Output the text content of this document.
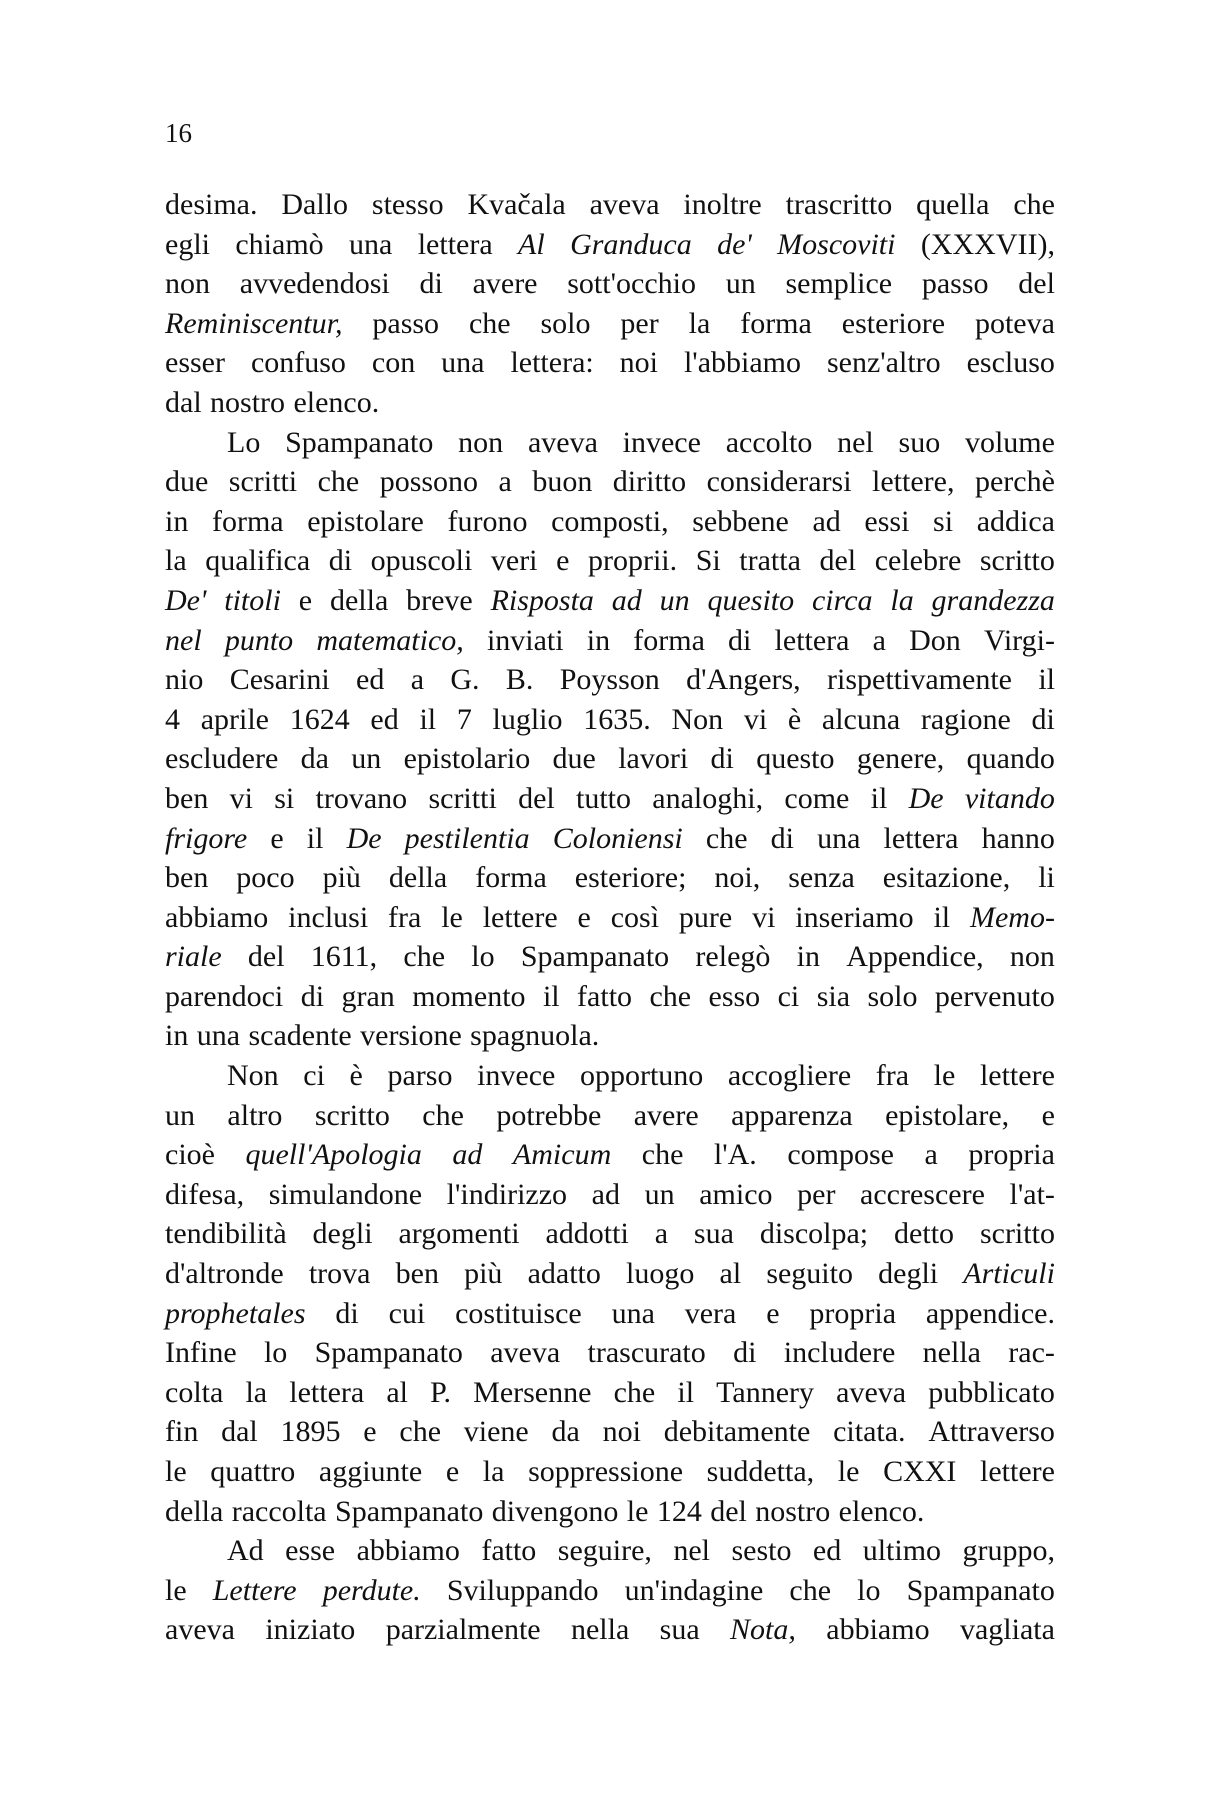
16
desima. Dallo stesso Kvačala aveva inoltre trascritto quella che
egli chiamò una lettera Al Granduca de' Moscoviti (XXXVII),
non avvedendosi di avere sott'occhio un semplice passo del
Reminiscentur, passo che solo per la forma esteriore poteva
esser confuso con una lettera: noi l'abbiamo senz'altro escluso
dal nostro elenco.
Lo Spampanato non aveva invece accolto nel suo volume
due scritti che possono a buon diritto considerarsi lettere, perchè
in forma epistolare furono composti, sebbene ad essi si addica
la qualifica di opuscoli veri e proprii. Si tratta del celebre scritto
De' titoli e della breve Risposta ad un quesito circa la grandezza
nel punto matematico, inviati in forma di lettera a Don Virgi-
nio Cesarini ed a G. B. Poysson d'Angers, rispettivamente il
4 aprile 1624 ed il 7 luglio 1635. Non vi è alcuna ragione di
escludere da un epistolario due lavori di questo genere, quando
ben vi si trovano scritti del tutto analoghi, come il De vitando
frigore e il De pestilentia Coloniensi che di una lettera hanno
ben poco più della forma esteriore; noi, senza esitazione, li
abbiamo inclusi fra le lettere e così pure vi inseriamo il Memo-
riale del 1611, che lo Spampanato relegò in Appendice, non
parendoci di gran momento il fatto che esso ci sia solo pervenuto
in una scadente versione spagnuola.
Non ci è parso invece opportuno accogliere fra le lettere
un altro scritto che potrebbe avere apparenza epistolare, e
cioè quell'Apologia ad Amicum che l'A. compose a propria
difesa, simulandone l'indirizzo ad un amico per accrescere l'at-
tendibilità degli argomenti addotti a sua discolpa; detto scritto
d'altronde trova ben più adatto luogo al seguito degli Articuli
prophetales di cui costituisce una vera e propria appendice.
Infine lo Spampanato aveva trascurato di includere nella rac-
colta la lettera al P. Mersenne che il Tannery aveva pubblicato
fin dal 1895 e che viene da noi debitamente citata. Attraverso
le quattro aggiunte e la soppressione suddetta, le CXXI lettere
della raccolta Spampanato divengono le 124 del nostro elenco.
Ad esse abbiamo fatto seguire, nel sesto ed ultimo gruppo,
le Lettere perdute. Sviluppando un'indagine che lo Spampanato
aveva iniziato parzialmente nella sua Nota, abbiamo vagliata
